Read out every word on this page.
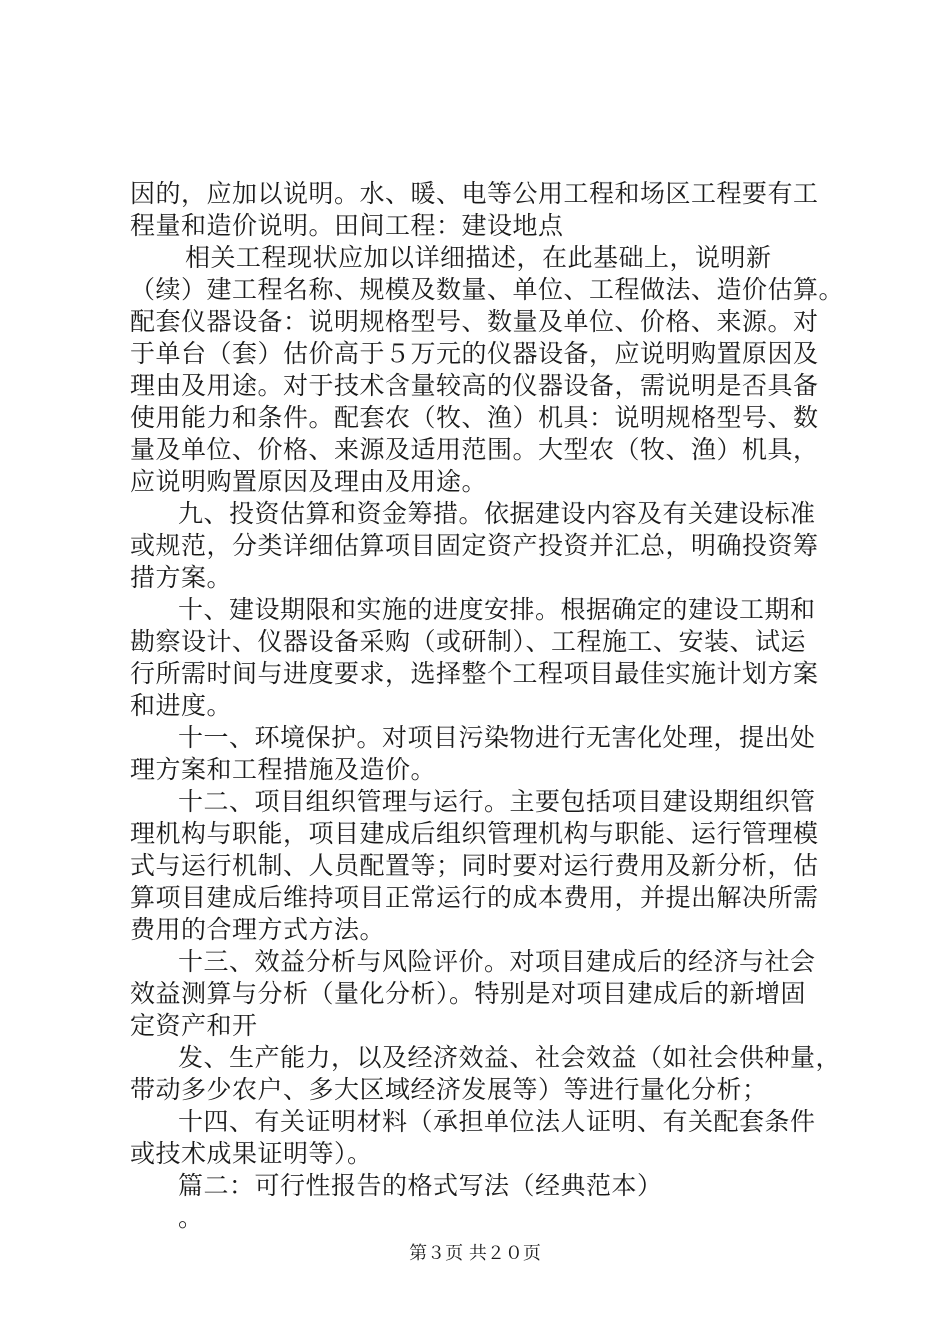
因的，应加以说明。水、暖、电等公用工程和场区工程要有工
程量和造价说明。田间工程：建设地点
相关工程现状应加以详细描述，在此基础上，说明新
（续）建工程名称、规模及数量、单位、工程做法、造价估算。
配套仪器设备：说明规格型号、数量及单位、价格、来源。对
于单台（套）估价高于５万元的仪器设备，应说明购置原因及
理由及用途。对于技术含量较高的仪器设备，需说明是否具备
使用能力和条件。配套农（牧、渔）机具：说明规格型号、数
量及单位、价格、来源及适用范围。大型农（牧、渔）机具，
应说明购置原因及理由及用途。
九、投资估算和资金筹措。依据建设内容及有关建设标准
或规范，分类详细估算项目固定资产投资并汇总，明确投资筹
措方案。
十、建设期限和实施的进度安排。根据确定的建设工期和
勘察设计、仪器设备采购（或研制）、工程施工、安装、试运
行所需时间与进度要求，选择整个工程项目最佳实施计划方案
和进度。
十一、环境保护。对项目污染物进行无害化处理，提出处
理方案和工程措施及造价。
十二、项目组织管理与运行。主要包括项目建设期组织管
理机构与职能，项目建成后组织管理机构与职能、运行管理模
式与运行机制、人员配置等；同时要对运行费用及新分析，估
算项目建成后维持项目正常运行的成本费用，并提出解决所需
费用的合理方式方法。
十三、效益分析与风险评价。对项目建成后的经济与社会
效益测算与分析（量化分析）。特别是对项目建成后的新增固
定资产和开
发、生产能力，以及经济效益、社会效益（如社会供种量，
带动多少农户、多大区域经济发展等）等进行量化分析；
十四、有关证明材料（承担单位法人证明、有关配套条件
或技术成果证明等）。
篇二：可行性报告的格式写法（经典范本）
。
第３页 共２０页
